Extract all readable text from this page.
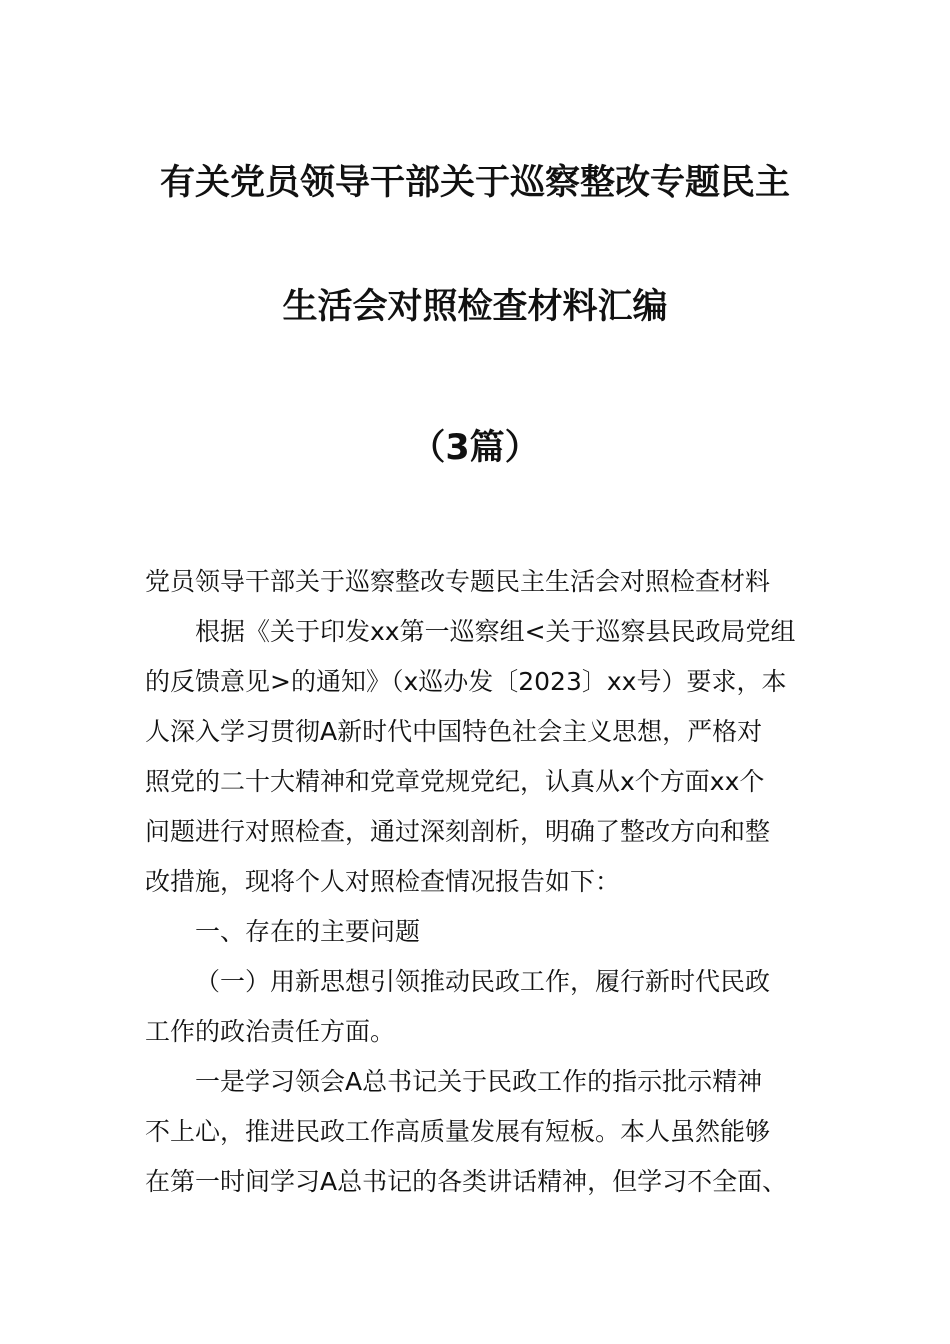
有关党员领导干部关于巡察整改专题民主
生活会对照检查材料汇编
（3篇）
党员领导干部关于巡察整改专题民主生活会对照检查材料
根据《关于印发xx第一巡察组<关于巡察县民政局党组
的反馈意见>的通知》（x巡办发〔2023〕xx号）要求，本
人深入学习贯彻A新时代中国特色社会主义思想，严格对
照党的二十大精神和党章党规党纪，认真从x个方面xx个
问题进行对照检查，通过深刻剖析，明确了整改方向和整
改措施，现将个人对照检查情况报告如下：
一、存在的主要问题
（一）用新思想引领推动民政工作，履行新时代民政
工作的政治责任方面。
一是学习领会A总书记关于民政工作的指示批示精神
不上心，推进民政工作高质量发展有短板。本人虽然能够
在第一时间学习A总书记的各类讲话精神，但学习不全面、
